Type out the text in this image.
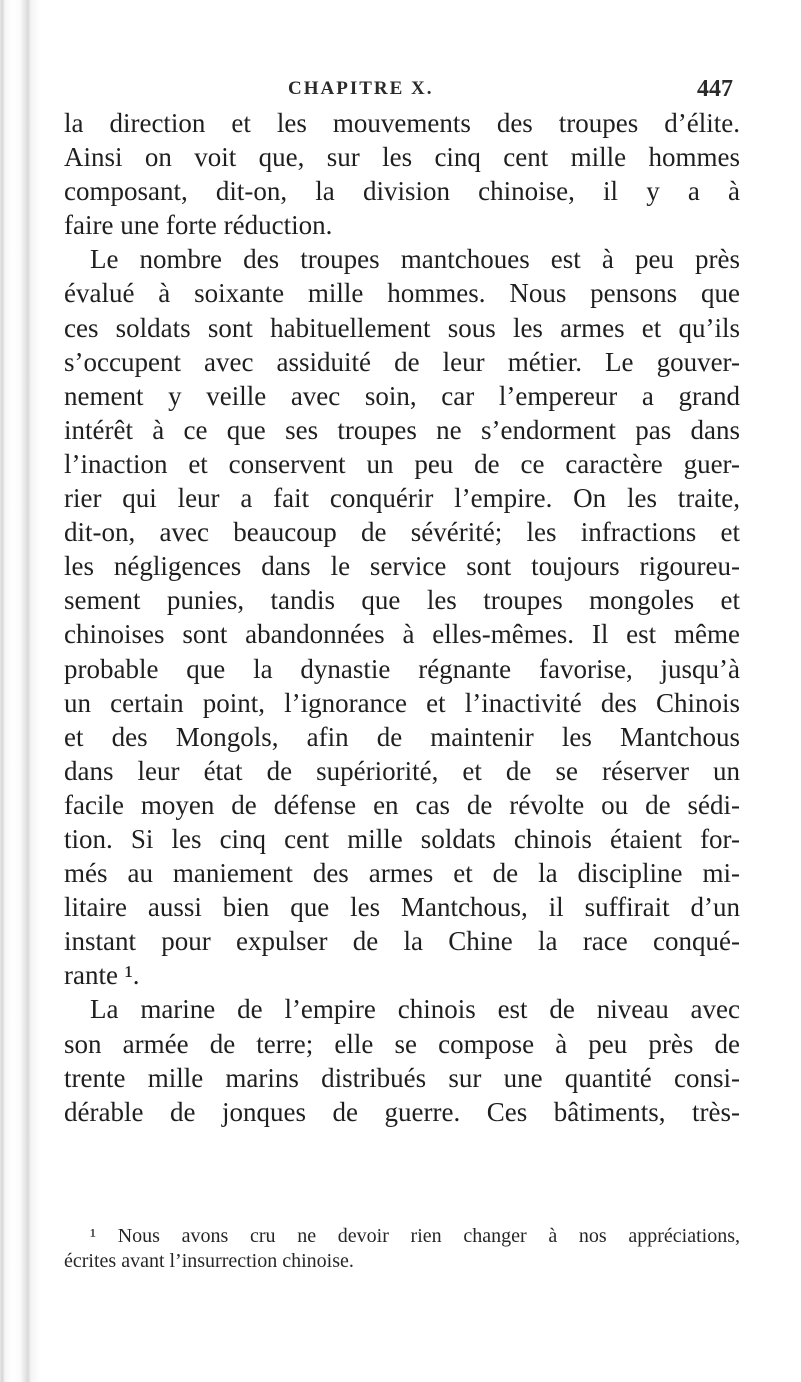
CHAPITRE X.	447
la direction et les mouvements des troupes d’élite.
Ainsi on voit que, sur les cinq cent mille hommes
composant, dit-on, la division chinoise, il y a à
faire une forte réduction.
Le nombre des troupes mantchoues est à peu près
évalué à soixante mille hommes. Nous pensons que
ces soldats sont habituellement sous les armes et qu’ils
s’occupent avec assiduité de leur métier. Le gouver-
nement y veille avec soin, car l’empereur a grand
intérêt à ce que ses troupes ne s’endorment pas dans
l’inaction et conservent un peu de ce caractère guer-
rier qui leur a fait conquérir l’empire. On les traite,
dit-on, avec beaucoup de sévérité; les infractions et
les négligences dans le service sont toujours rigoureu-
sement punies, tandis que les troupes mongoles et
chinoises sont abandonnées à elles-mêmes. Il est même
probable que la dynastie régnante favorise, jusqu’à
un certain point, l’ignorance et l’inactivité des Chinois
et des Mongols, afin de maintenir les Mantchous
dans leur état de supériorité, et de se réserver un
facile moyen de défense en cas de révolte ou de sédi-
tion. Si les cinq cent mille soldats chinois étaient for-
més au maniement des armes et de la discipline mi-
litaire aussi bien que les Mantchous, il suffirait d’un
instant pour expulser de la Chine la race conqué-
rante ¹.
La marine de l’empire chinois est de niveau avec
son armée de terre; elle se compose à peu près de
trente mille marins distribués sur une quantité consi-
dérable de jonques de guerre. Ces bâtiments, très-
¹ Nous avons cru ne devoir rien changer à nos appréciations,
écrites avant l’insurrection chinoise.
